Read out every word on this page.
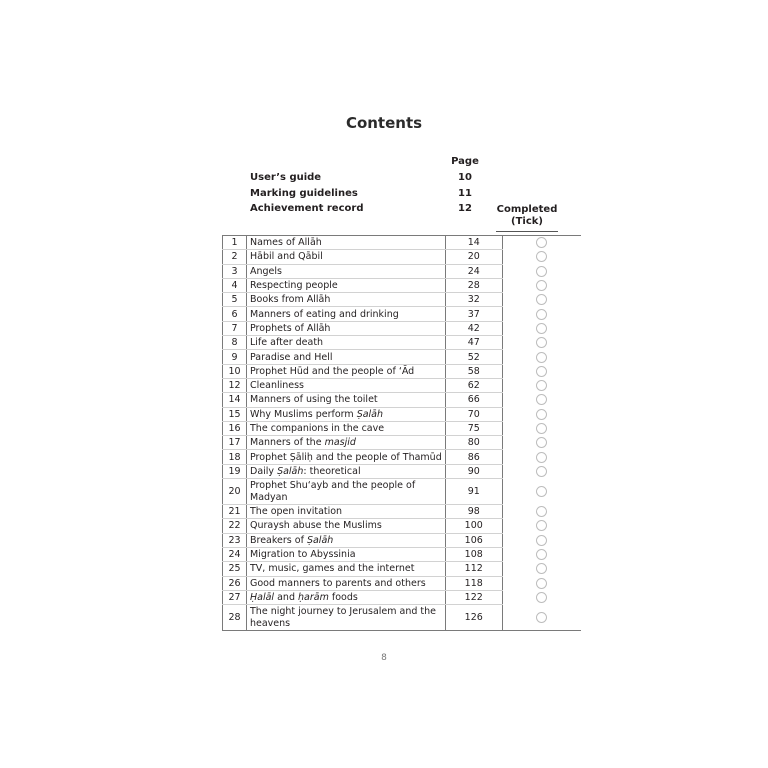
Contents
Page
User’s guide	10
Marking guidelines	11
Achievement record	12	Completed
(Tick)
1	Names of Allāh	14	
2	Hābil and Qābil	20	
3	Angels	24	
4	Respecting people	28	
5	Books from Allāh	32	
6	Manners of eating and drinking	37	
7	Prophets of Allāh	42	
8	Life after death	47	
9	Paradise and Hell	52	
10	Prophet Hūd and the people of ‘Ād	58	
12	Cleanliness	62	
14	Manners of using the toilet	66	
15	Why Muslims perform Ṣalāh	70	
16	The companions in the cave	75	
17	Manners of the masjid	80	
18	Prophet Ṣāliḥ and the people of Thamūd	86	
19	Daily Ṣalāh: theoretical	90	
20	Prophet Shu‘ayb and the people of Madyan	91	
21	The open invitation	98	
22	Quraysh abuse the Muslims	100	
23	Breakers of Ṣalāh	106	
24	Migration to Abyssinia	108	
25	TV, music, games and the internet	112	
26	Good manners to parents and others	118	
27	Ḥalāl and ḥarām foods	122	
28	The night journey to Jerusalem and the heavens	126	
8
